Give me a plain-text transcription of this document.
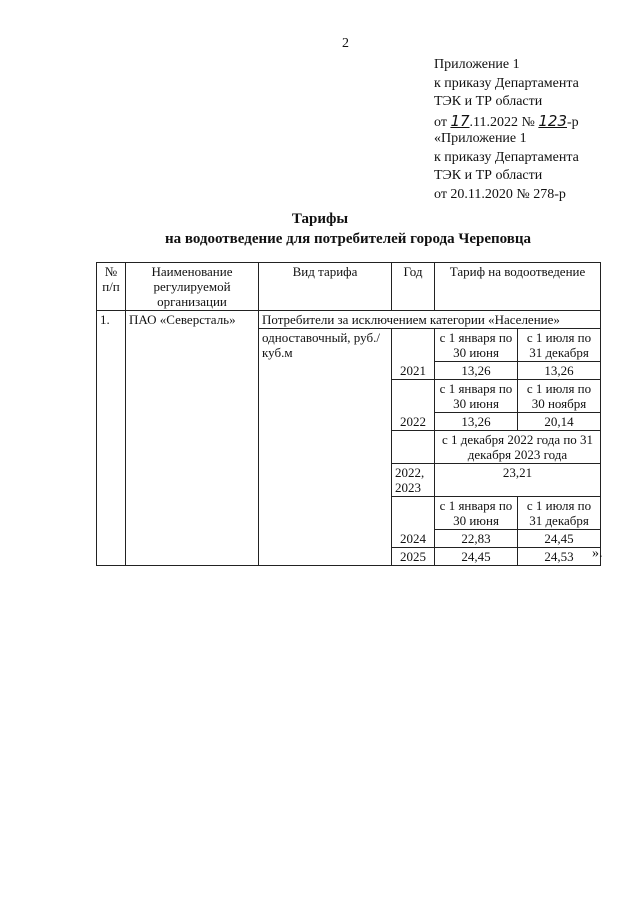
2
Приложение 1
к приказу Департамента
ТЭК и ТР области
от 17.11.2022 № 123-р
«Приложение 1
к приказу Департамента
ТЭК и ТР области
от 20.11.2020 № 278-р
Тарифы
на водоотведение для потребителей города Череповца
№ п/п	Наименование регулируемой организации	Вид тарифа	Год	Тариф на водоотведение	
1.	ПАО «Северсталь»	Потребители за исключением категории «Население»			
		одноставочный, руб./куб.м		с 1 января по 30 июня	с 1 июля по 31 декабря
			2021	13,26	13,26
				с 1 января по 30 июня	с 1 июля по 30 ноября
			2022	13,26	20,14
				с 1 декабря 2022 года по 31 декабря 2023 года	
			2022, 2023	23,21	
				с 1 января по 30 июня	с 1 июля по 31 декабря
			2024	22,83	24,45
			2025	24,45	24,53 ».
